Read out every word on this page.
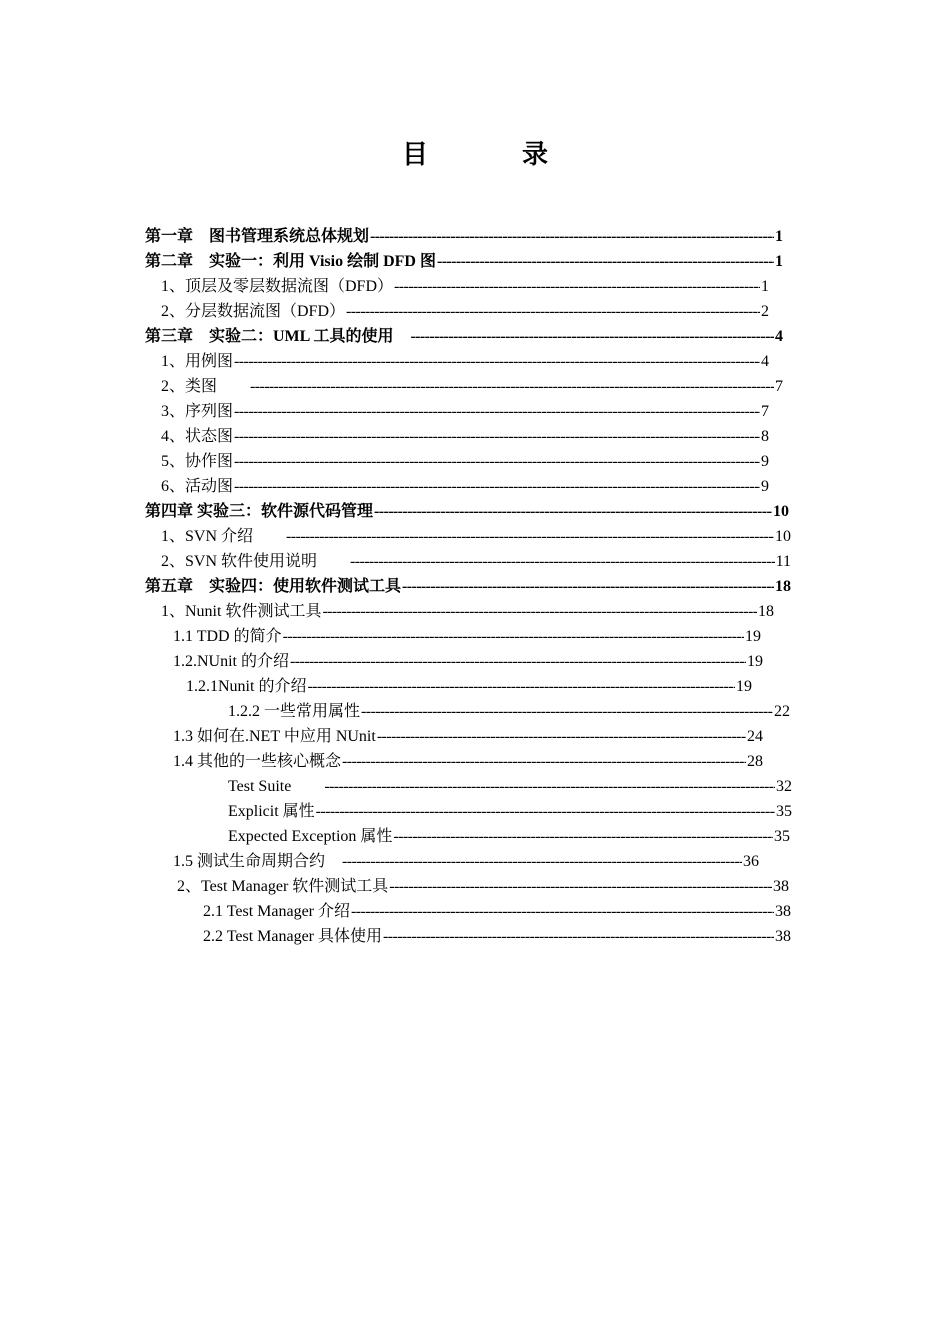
目　录
第一章　图书管理系统总体规划 -----	1
第二章　实验一：利用 Visio 绘制 DFD 图 -----	1
1、顶层及零层数据流图（DFD） -----	1
2、分层数据流图（DFD） -----	2
第三章　实验二：UML 工具的使用　 -----	4
1、用例图 -----	4
2、类图　　 -----	7
3、序列图 -----	7
4、状态图 -----	8
5、协作图 -----	9
6、活动图 -----	9
第四章 实验三：软件源代码管理 -----	10
1、SVN 介绍　　 -----	10
2、SVN 软件使用说明　　 -----	11
第五章　实验四：使用软件测试工具 -----	18
1、Nunit 软件测试工具 -----	18
1.1 TDD 的简介 -----	19
1.2.NUnit 的介绍 -----	19
1.2.1Nunit 的介绍 -----	19
1.2.2 一些常用属性 -----	22
1.3 如何在.NET 中应用 NUnit -----	24
1.4 其他的一些核心概念 -----	28
Test Suite　　 -----	32
Explicit 属性 -----	35
Expected Exception 属性 -----	35
1.5 测试生命周期合约　 -----	36
2、Test Manager 软件测试工具 -----	38
2.1 Test Manager 介绍 -----	38
2.2 Test Manager 具体使用 -----	38
